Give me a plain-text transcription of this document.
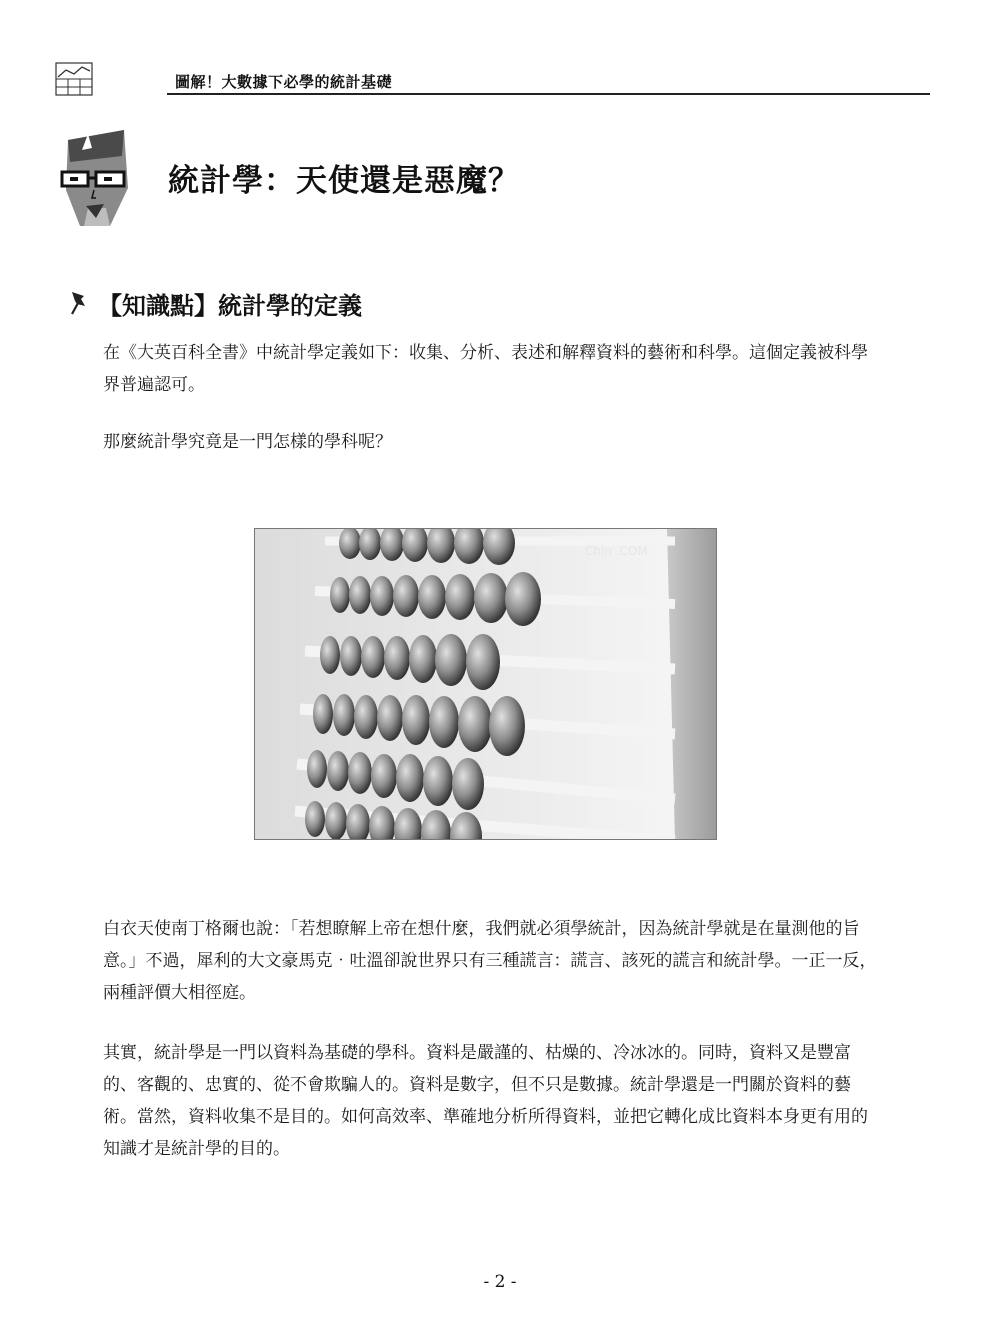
圖解！大數據下必學的統計基礎
統計學：天使還是惡魔？
【知識點】統計學的定義

在《大英百科全書》中統計學定義如下：收集、分析、表述和解釋資料的藝術和科學。這個定義被科學界普遍認可。

那麼統計學究竟是一門怎樣的學科呢？

Chin .COM

白衣天使南丁格爾也說：「若想瞭解上帝在想什麼，我們就必須學統計，因為統計學就是在量測他的旨意。」不過，犀利的大文豪馬克‧吐溫卻說世界只有三種謊言：謊言、該死的謊言和統計學。一正一反，兩種評價大相徑庭。

其實，統計學是一門以資料為基礎的學科。資料是嚴謹的、枯燥的、冷冰冰的。同時，資料又是豐富的、客觀的、忠實的、從不會欺騙人的。資料是數字，但不只是數據。統計學還是一門關於資料的藝術。當然，資料收集不是目的。如何高效率、準確地分析所得資料，並把它轉化成比資料本身更有用的知識才是統計學的目的。

- 2 -
